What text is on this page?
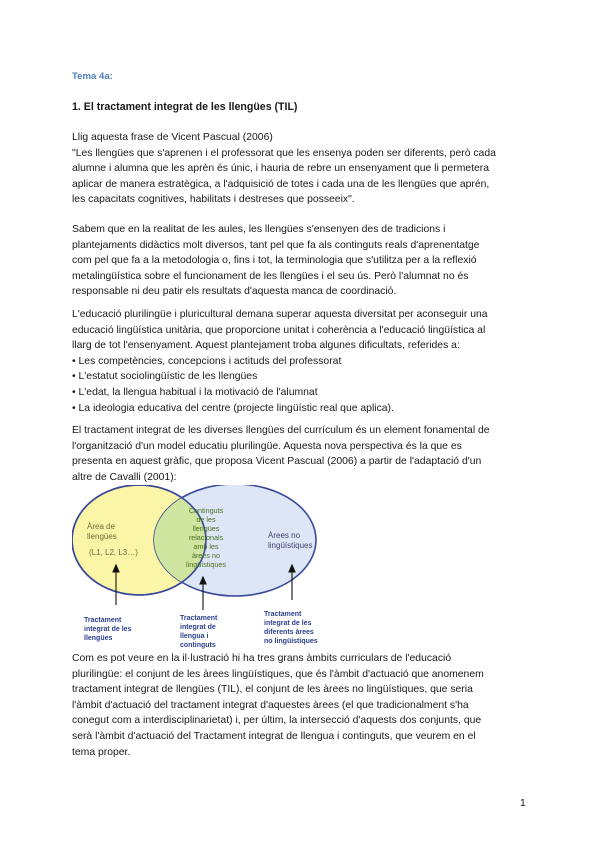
Tema 4a:

1. El tractament integrat de les llengües (TIL)

Llig aquesta frase de Vicent Pascual (2006)

"Les llengües que s'aprenen i el professorat que les ensenya poden ser diferents, però cada

alumne i alumna que les aprèn és únic, i hauria de rebre un ensenyament que li permetera

aplicar de manera estratègica, a l'adquisició de totes i cada una de les llengües que aprén,

les capacitats cognitives, habilitats i destreses que posseeix".

Sabem que en la realitat de les aules, les llengües s'ensenyen des de tradicions i

plantejaments didàctics molt diversos, tant pel que fa als continguts reals d'aprenentatge

com pel que fa a la metodologia o, fins i tot, la terminologia que s'utilitza per a la reflexió

metalingüística sobre el funcionament de les llengües i el seu ús. Però l'alumnat no és

responsable ni deu patir els resultats d'aquesta manca de coordinació.

L'educació plurilingüe i pluricultural demana superar aquesta diversitat per aconseguir una

educació lingüística unitària, que proporcione unitat i coherència a l'educació lingüística al

llarg de tot l'ensenyament. Aquest plantejament troba algunes dificultats, referides a:

• Les competències, concepcions i actituds del professorat

• L'estatut sociolingüístic de les llengües

• L'edat, la llengua habitual i la motivació de l'alumnat

• La ideologia educativa del centre (projecte lingüístic real que aplica).

El tractament integrat de les diverses llengües del currículum és un element fonamental de

l'organització d'un model educatiu plurilingüe. Aquesta nova perspectiva és la que es

presenta en aquest gràfic, que proposa Vicent Pascual (2006) a partir de l'adaptació d'un

altre de Cavalli (2001):

Àrea de
llengües
(L1, L2, L3…)
Continguts
de les
llengües
relacionals
amb les
àrees no
lingüístiques
Àrees no
lingüístiques
Tractament
integrat de les
llengües
Tractament
integrat de
llengua i
continguts
Tractament
integrat de les
diferents àrees
no lingüístiques

Com es pot veure en la il·lustració hi ha tres grans àmbits curriculars de l'educació

plurilingüe: el conjunt de les àrees lingüístiques, que és l'àmbit d'actuació que anomenem

tractament integrat de llengües (TIL), el conjunt de les àrees no lingüístiques, que seria

l'àmbit d'actuació del tractament integrat d'aquestes àrees (el que tradicionalment s'ha

conegut com a interdisciplinarietat) i, per últim, la intersecció d'aquests dos conjunts, que

serà l'àmbit d'actuació del Tractament integrat de llengua i continguts, que veurem en el

tema proper.

1
